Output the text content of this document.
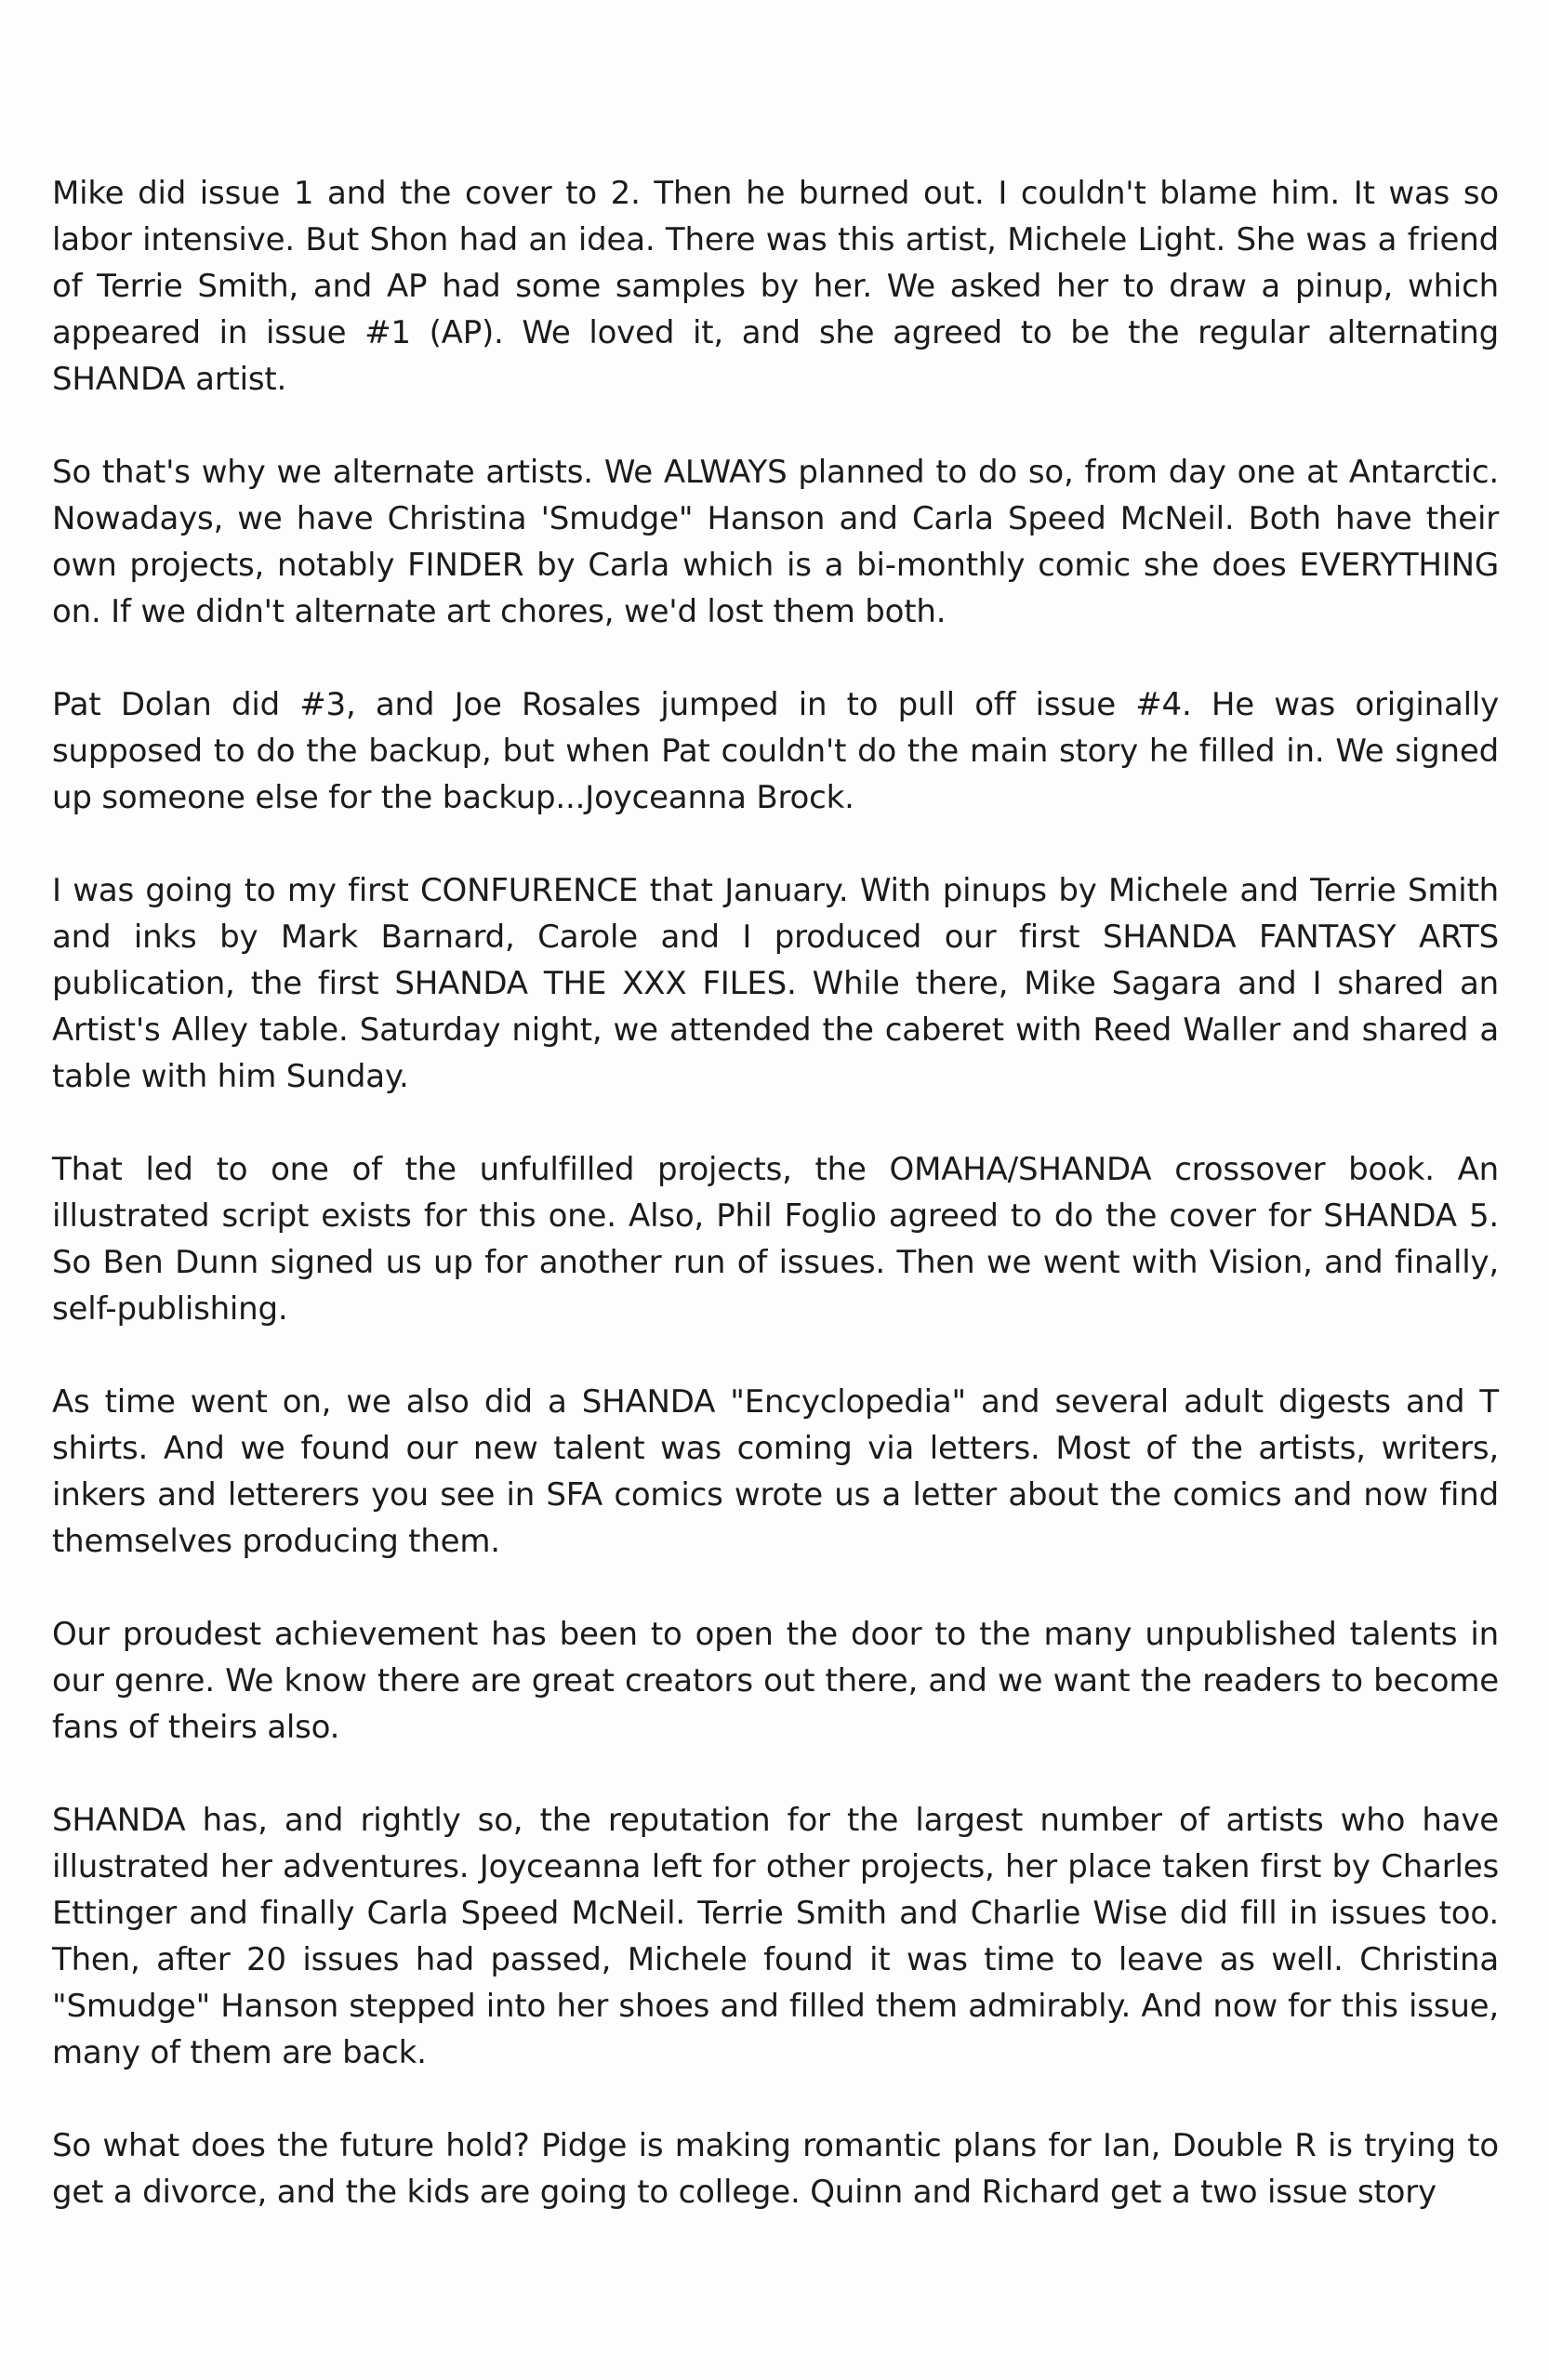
Mike did issue 1 and the cover to 2. Then he burned out. I couldn't blame him. It was so labor intensive. But Shon had an idea. There was this artist, Michele Light. She was a friend of Terrie Smith, and AP had some samples by her. We asked her to draw a pinup, which appeared in issue #1 (AP). We loved it, and she agreed to be the regular alternating SHANDA artist.

So that's why we alternate artists. We ALWAYS planned to do so, from day one at Antarctic. Nowadays, we have Christina 'Smudge" Hanson and Carla Speed McNeil. Both have their own projects, notably FINDER by Carla which is a bi-monthly comic she does EVERYTHING on. If we didn't alternate art chores, we'd lost them both.

Pat Dolan did #3, and Joe Rosales jumped in to pull off issue #4. He was originally supposed to do the backup, but when Pat couldn't do the main story he filled in. We signed up someone else for the backup...Joyceanna Brock.

I was going to my first CONFURENCE that January. With pinups by Michele and Terrie Smith and inks by Mark Barnard, Carole and I produced our first SHANDA FANTASY ARTS publication, the first SHANDA THE XXX FILES. While there, Mike Sagara and I shared an Artist's Alley table. Saturday night, we attended the caberet with Reed Waller and shared a table with him Sunday.

That led to one of the unfulfilled projects, the OMAHA/SHANDA crossover book. An illustrated script exists for this one. Also, Phil Foglio agreed to do the cover for SHANDA 5. So Ben Dunn signed us up for another run of issues. Then we went with Vision, and finally, self-publishing.

As time went on, we also did a SHANDA "Encyclopedia" and several adult digests and T shirts. And we found our new talent was coming via letters. Most of the artists, writers, inkers and letterers you see in SFA comics wrote us a letter about the comics and now find themselves producing them.

Our proudest achievement has been to open the door to the many unpublished talents in our genre. We know there are great creators out there, and we want the readers to become fans of theirs also.

SHANDA has, and rightly so, the reputation for the largest number of artists who have illustrated her adventures. Joyceanna left for other projects, her place taken first by Charles Ettinger and finally Carla Speed McNeil. Terrie Smith and Charlie Wise did fill in issues too. Then, after 20 issues had passed, Michele found it was time to leave as well. Christina "Smudge" Hanson stepped into her shoes and filled them admirably. And now for this issue, many of them are back.

So what does the future hold? Pidge is making romantic plans for Ian, Double R is trying to get a divorce, and the kids are going to college. Quinn and Richard get a two issue story
